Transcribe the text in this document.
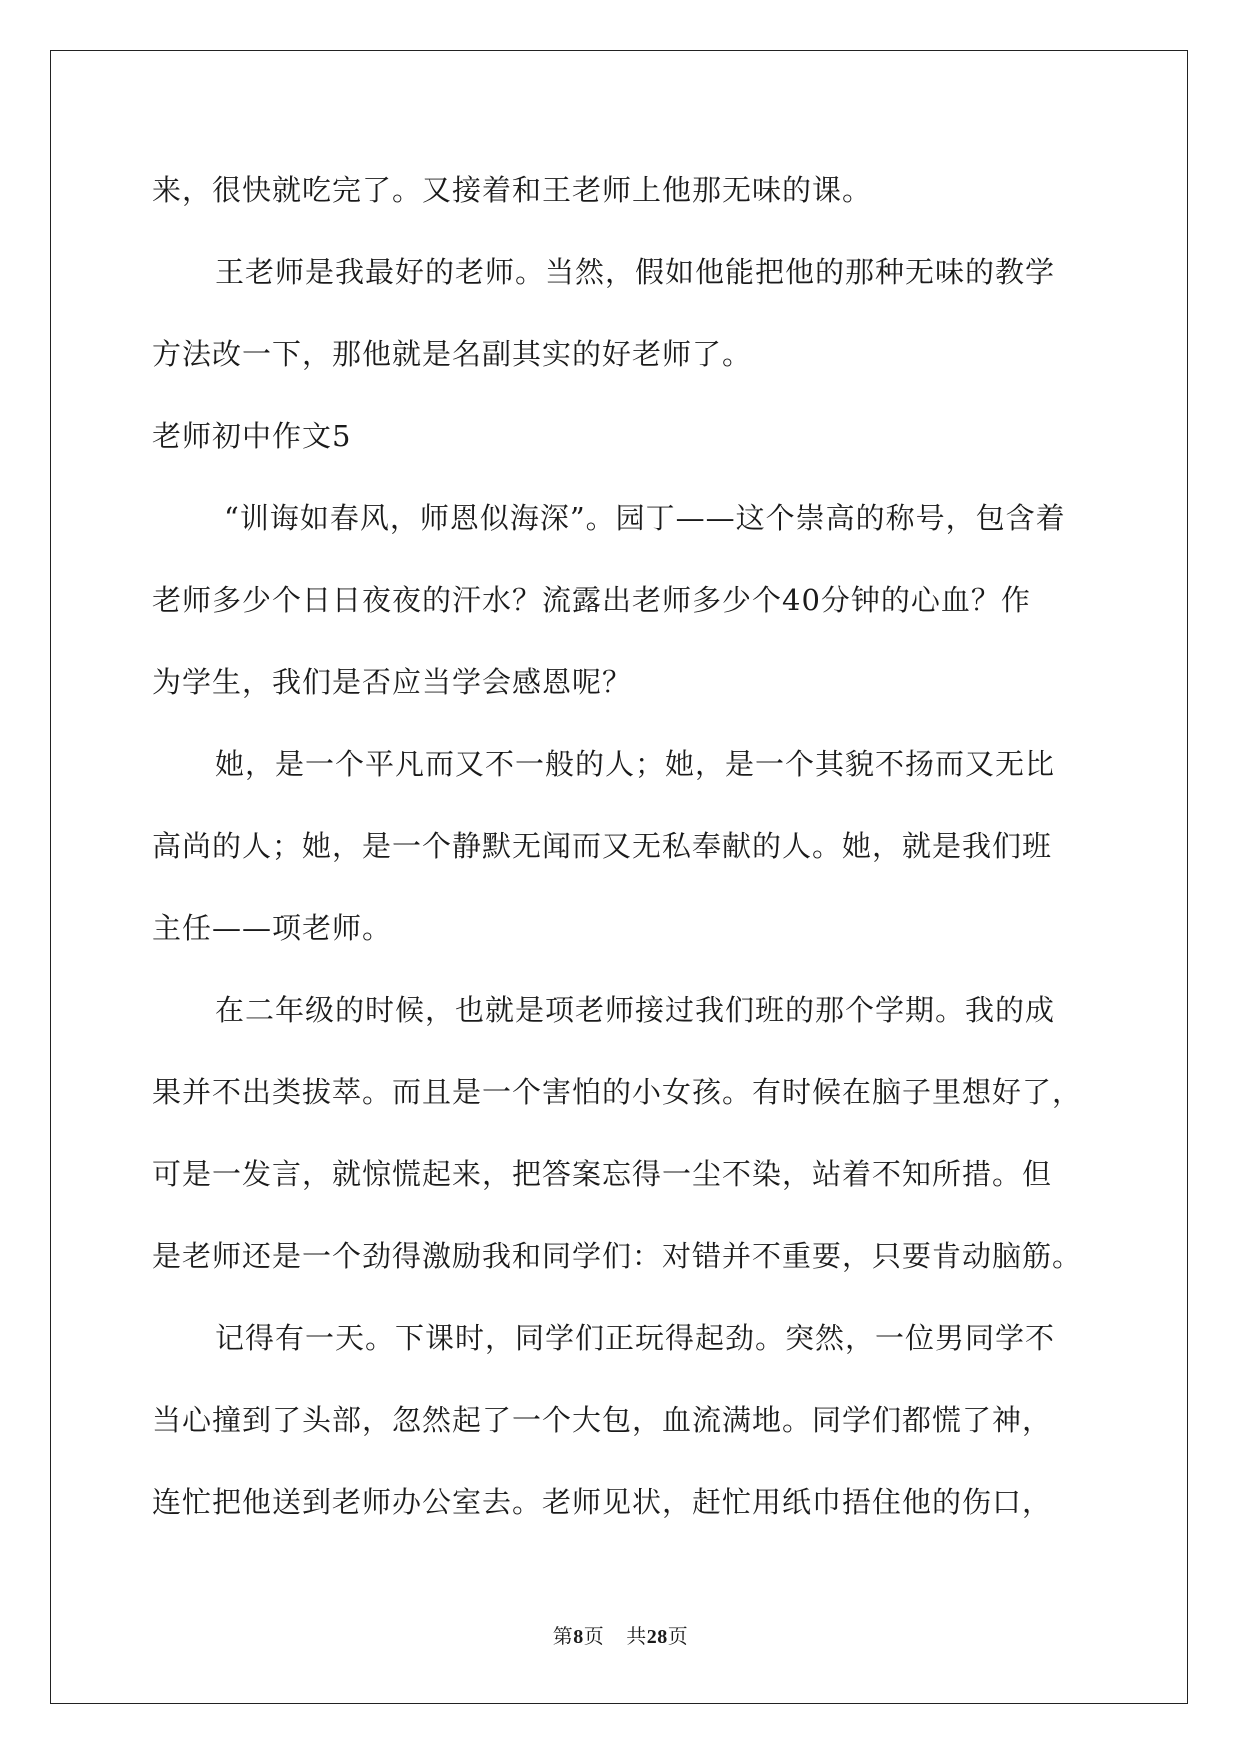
来，很快就吃完了。又接着和王老师上他那无味的课。
王老师是我最好的老师。当然，假如他能把他的那种无味的教学
方法改一下，那他就是名副其实的好老师了。
老师初中作文5
“训诲如春风，师恩似海深”。园丁——这个崇高的称号，包含着
老师多少个日日夜夜的汗水？流露出老师多少个40分钟的心血？作
为学生，我们是否应当学会感恩呢？
她，是一个平凡而又不一般的人；她，是一个其貌不扬而又无比
高尚的人；她，是一个静默无闻而又无私奉献的人。她，就是我们班
主任——项老师。
在二年级的时候，也就是项老师接过我们班的那个学期。我的成
果并不出类拔萃。而且是一个害怕的小女孩。有时候在脑子里想好了，
可是一发言，就惊慌起来，把答案忘得一尘不染，站着不知所措。但
是老师还是一个劲得激励我和同学们：对错并不重要，只要肯动脑筋。
记得有一天。下课时，同学们正玩得起劲。突然，一位男同学不
当心撞到了头部，忽然起了一个大包，血流满地。同学们都慌了神，
连忙把他送到老师办公室去。老师见状，赶忙用纸巾捂住他的伤口，
第8页 共28页
